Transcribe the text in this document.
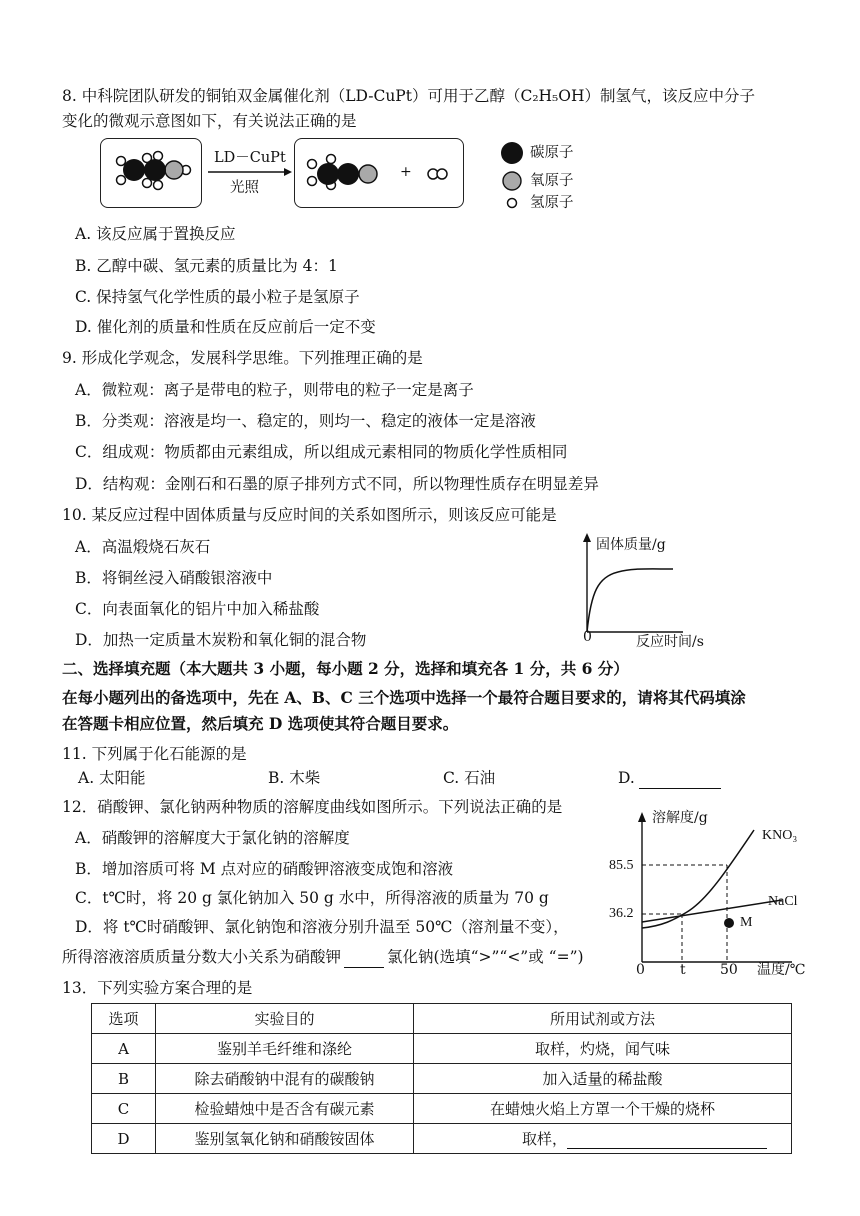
8. 中科院团队研发的铜铂双金属催化剂（LD-CuPt）可用于乙醇（C₂H₅OH）制氢气，该反应中分子
变化的微观示意图如下，有关说法正确的是
LD－CuPt
光照
+
碳原子
氧原子
氢原子
A. 该反应属于置换反应
B. 乙醇中碳、氢元素的质量比为 4：1
C. 保持氢气化学性质的最小粒子是氢原子
D. 催化剂的质量和性质在反应前后一定不变
9. 形成化学观念，发展科学思维。下列推理正确的是
A．微粒观：离子是带电的粒子，则带电的粒子一定是离子
B．分类观：溶液是均一、稳定的，则均一、稳定的液体一定是溶液
C．组成观：物质都由元素组成，所以组成元素相同的物质化学性质相同
D．结构观：金刚石和石墨的原子排列方式不同，所以物理性质存在明显差异
10. 某反应过程中固体质量与反应时间的关系如图所示，则该反应可能是
A．高温煅烧石灰石
B．将铜丝浸入硝酸银溶液中
C．向表面氧化的铝片中加入稀盐酸
D．加热一定质量木炭粉和氧化铜的混合物
固体质量/g
0	反应时间/s
二、选择填充题（本大题共 3 小题，每小题 2 分，选择和填充各 1 分，共 6 分）
在每小题列出的备选项中，先在 A、B、C 三个选项中选择一个最符合题目要求的，请将其代码填涂
在答题卡相应位置，然后填充 D 选项使其符合题目要求。
11. 下列属于化石能源的是
A. 太阳能	B. 木柴	C. 石油	D.
12．硝酸钾、氯化钠两种物质的溶解度曲线如图所示。下列说法正确的是
A．硝酸钾的溶解度大于氯化钠的溶解度
B．增加溶质可将 M 点对应的硝酸钾溶液变成饱和溶液
C．t℃时，将 20 g 氯化钠加入 50 g 水中，所得溶液的质量为 70 g
D．将 t℃时硝酸钾、氯化钠饱和溶液分别升温至 50℃（溶剂量不变），
所得溶液溶质质量分数大小关系为硝酸钾	氯化钠(选填“>”“<”或 “=”)
溶解度/g
KNO₃
NaCl
85.5
36.2
M
0	t 50 温度/℃
13．下列实验方案合理的是
选项	实验目的	所用试剂或方法
A	鉴别羊毛纤维和涤纶	取样，灼烧，闻气味
B	除去硝酸钠中混有的碳酸钠	加入适量的稀盐酸
C	检验蜡烛中是否含有碳元素	在蜡烛火焰上方罩一个干燥的烧杯
D	鉴别氢氧化钠和硝酸铵固体	取样，
